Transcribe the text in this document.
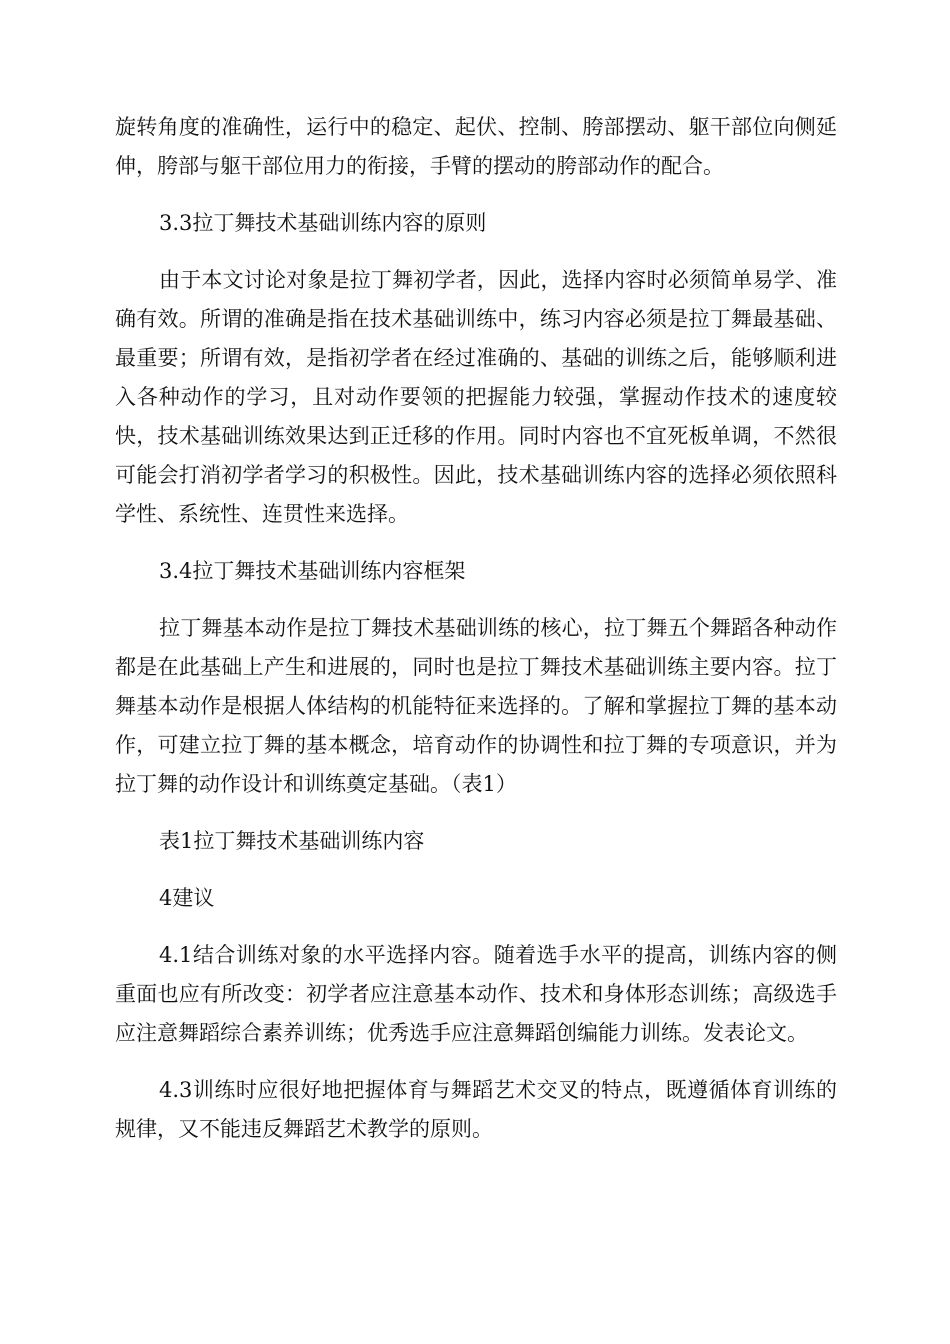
旋转角度的准确性，运行中的稳定、起伏、控制、胯部摆动、躯干部位向侧延伸，胯部与躯干部位用力的衔接，手臂的摆动的胯部动作的配合。

3.3拉丁舞技术基础训练内容的原则

由于本文讨论对象是拉丁舞初学者，因此，选择内容时必须简单易学、准确有效。所谓的准确是指在技术基础训练中，练习内容必须是拉丁舞最基础、最重要；所谓有效，是指初学者在经过准确的、基础的训练之后，能够顺利进入各种动作的学习，且对动作要领的把握能力较强，掌握动作技术的速度较快，技术基础训练效果达到正迁移的作用。同时内容也不宜死板单调，不然很可能会打消初学者学习的积极性。因此，技术基础训练内容的选择必须依照科学性、系统性、连贯性来选择。

3.4拉丁舞技术基础训练内容框架

拉丁舞基本动作是拉丁舞技术基础训练的核心，拉丁舞五个舞蹈各种动作都是在此基础上产生和进展的，同时也是拉丁舞技术基础训练主要内容。拉丁舞基本动作是根据人体结构的机能特征来选择的。了解和掌握拉丁舞的基本动作，可建立拉丁舞的基本概念，培育动作的协调性和拉丁舞的专项意识，并为拉丁舞的动作设计和训练奠定基础。（表1）

表1拉丁舞技术基础训练内容

4建议

4.1结合训练对象的水平选择内容。随着选手水平的提高，训练内容的侧重面也应有所改变：初学者应注意基本动作、技术和身体形态训练；高级选手应注意舞蹈综合素养训练；优秀选手应注意舞蹈创编能力训练。发表论文。

4.3训练时应很好地把握体育与舞蹈艺术交叉的特点，既遵循体育训练的规律，又不能违反舞蹈艺术教学的原则。
